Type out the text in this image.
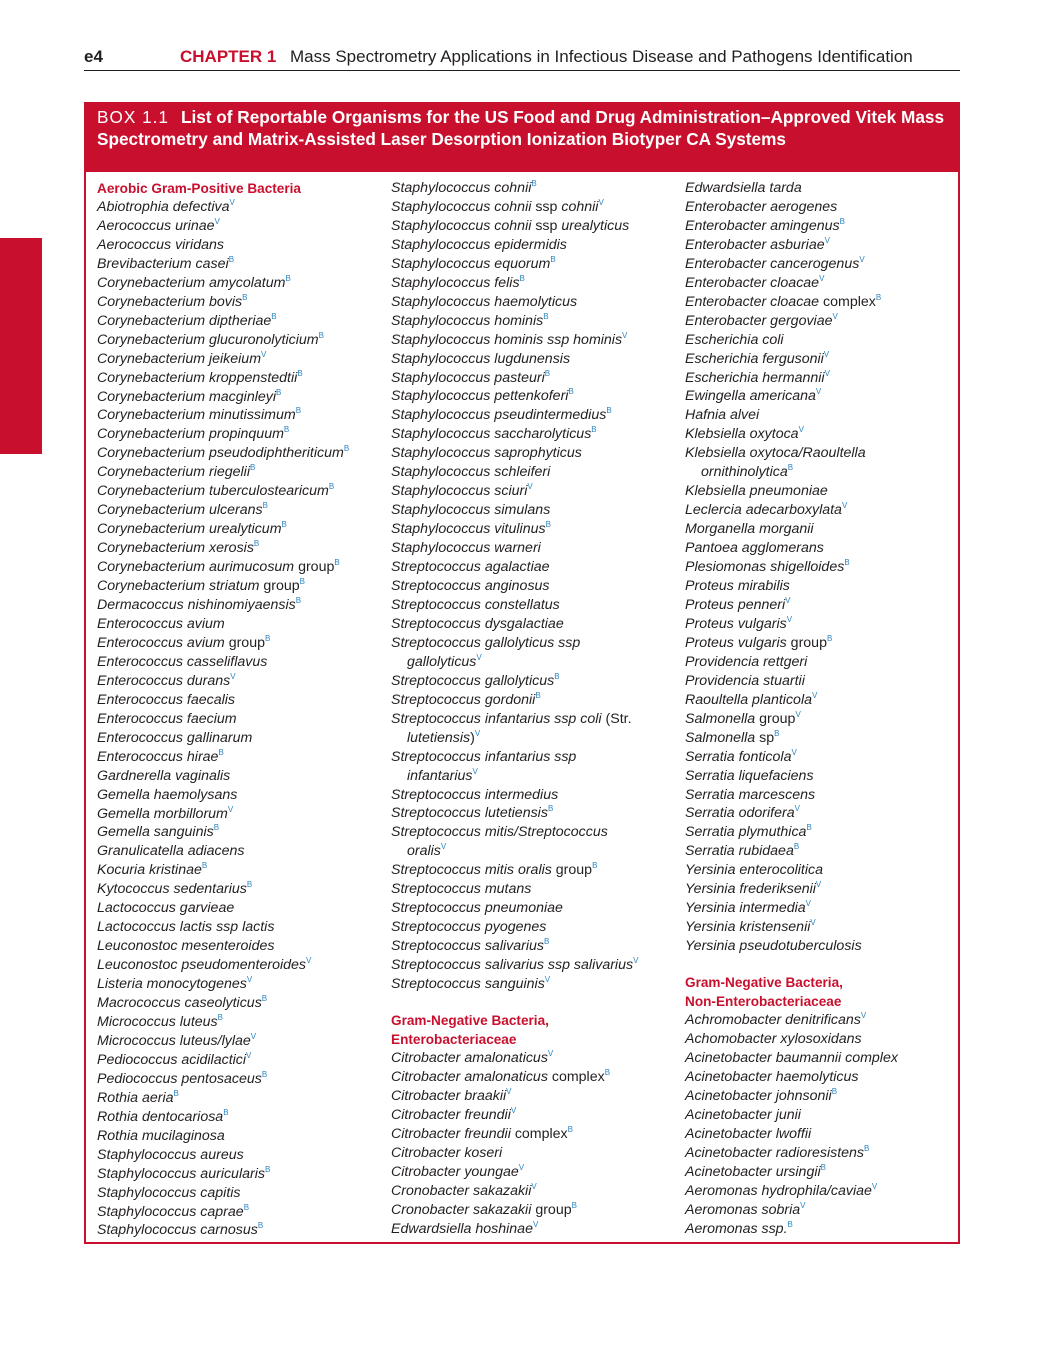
e4	CHAPTER 1 Mass Spectrometry Applications in Infectious Disease and Pathogens Identification
BOX 1.1 List of Reportable Organisms for the US Food and Drug Administration–Approved Vitek Mass Spectrometry and Matrix-Assisted Laser Desorption Ionization Biotyper CA Systems
Aerobic Gram-Positive Bacteria
Abiotrophia defectiva$^V$
Aerococcus urinae$^V$
Aerococcus viridans
Brevibacterium casei$^B$
Corynebacterium amycolatum$^B$
Corynebacterium bovis$^B$
Corynebacterium diptheriae$^B$
Corynebacterium glucuronolyticium$^B$
Corynebacterium jeikeium$^V$
Corynebacterium kroppenstedtii$^B$
Corynebacterium macginleyi$^B$
Corynebacterium minutissimum$^B$
Corynebacterium propinquum$^B$
Corynebacterium pseudodiphtheriticum$^B$
Corynebacterium riegelii$^B$
Corynebacterium tuberculostearicum$^B$
Corynebacterium ulcerans$^B$
Corynebacterium urealyticum$^B$
Corynebacterium xerosis$^B$
Corynebacterium aurimucosum group$^B$
Corynebacterium striatum group$^B$
Dermacoccus nishinomiyaensis$^B$
Enterococcus avium
Enterococcus avium group$^B$
Enterococcus casseliflavus
Enterococcus durans$^V$
Enterococcus faecalis
Enterococcus faecium
Enterococcus gallinarum
Enterococcus hirae$^B$
Gardnerella vaginalis
Gemella haemolysans
Gemella morbillorum$^V$
Gemella sanguinis$^B$
Granulicatella adiacens
Kocuria kristinae$^B$
Kytococcus sedentarius$^B$
Lactococcus garvieae
Lactococcus lactis ssp lactis
Leuconostoc mesenteroides
Leuconostoc pseudomenteroides$^V$
Listeria monocytogenes$^V$
Macrococcus caseolyticus$^B$
Micrococcus luteus$^B$
Micrococcus luteus/lylae$^V$
Pediococcus acidilactici$^V$
Pediococcus pentosaceus$^B$
Rothia aeria$^B$
Rothia dentocariosa$^B$
Rothia mucilaginosa
Staphylococcus aureus
Staphylococcus auricularis$^B$
Staphylococcus capitis
Staphylococcus caprae$^B$
Staphylococcus carnosus$^B$
Staphylococcus cohnii$^B$
Staphylococcus cohnii ssp cohnii$^V$
Staphylococcus cohnii ssp urealyticus
Staphylococcus epidermidis
Staphylococcus equorum$^B$
Staphylococcus felis$^B$
Staphylococcus haemolyticus
Staphylococcus hominis$^B$
Staphylococcus hominis ssp hominis$^V$
Staphylococcus lugdunensis
Staphylococcus pasteuri$^B$
Staphylococcus pettenkoferi$^B$
Staphylococcus pseudintermedius$^B$
Staphylococcus saccharolyticus$^B$
Staphylococcus saprophyticus
Staphylococcus schleiferi
Staphylococcus sciuri$^V$
Staphylococcus simulans
Staphylococcus vitulinus$^B$
Staphylococcus warneri
Streptococcus agalactiae
Streptococcus anginosus
Streptococcus constellatus
Streptococcus dysgalactiae
Streptococcus gallolyticus ssp
gallolyticus$^V$
Streptococcus gallolyticus$^B$
Streptococcus gordonii$^B$
Streptococcus infantarius ssp coli (Str.
lutetiensis)$^V$
Streptococcus infantarius ssp
infantarius$^V$
Streptococcus intermedius
Streptococcus lutetiensis$^B$
Streptococcus mitis/Streptococcus
oralis$^V$
Streptococcus mitis oralis group$^B$
Streptococcus mutans
Streptococcus pneumoniae
Streptococcus pyogenes
Streptococcus salivarius$^B$
Streptococcus salivarius ssp salivarius$^V$
Streptococcus sanguinis$^V$
Gram-Negative Bacteria,
Enterobacteriaceae
Citrobacter amalonaticus$^V$
Citrobacter amalonaticus complex$^B$
Citrobacter braakii$^V$
Citrobacter freundii$^V$
Citrobacter freundii complex$^B$
Citrobacter koseri
Citrobacter youngae$^V$
Cronobacter sakazakii$^V$
Cronobacter sakazakii group$^B$
Edwardsiella hoshinae$^V$
Edwardsiella tarda
Enterobacter aerogenes
Enterobacter amingenus$^B$
Enterobacter asburiae$^V$
Enterobacter cancerogenus$^V$
Enterobacter cloacae$^V$
Enterobacter cloacae complex$^B$
Enterobacter gergoviae$^V$
Escherichia coli
Escherichia fergusonii$^V$
Escherichia hermannii$^V$
Ewingella americana$^V$
Hafnia alvei
Klebsiella oxytoca$^V$
Klebsiella oxytoca/Raoultella
ornithinolytica$^B$
Klebsiella pneumoniae
Leclercia adecarboxylata$^V$
Morganella morganii
Pantoea agglomerans
Plesiomonas shigelloides$^B$
Proteus mirabilis
Proteus penneri$^V$
Proteus vulgaris$^V$
Proteus vulgaris group$^B$
Providencia rettgeri
Providencia stuartii
Raoultella planticola$^V$
Salmonella group$^V$
Salmonella $sp^B$
Serratia fonticola$^V$
Serratia liquefaciens
Serratia marcescens
Serratia odorifera$^V$
Serratia plymuthica$^B$
Serratia rubidaea$^B$
Yersinia enterocolitica
Yersinia frederiksenii$^V$
Yersinia intermedia$^V$
Yersinia kristensenii$^V$
Yersinia pseudotuberculosis
Gram-Negative Bacteria,
Non-Enterobacteriaceae
Achromobacter denitrificans$^V$
Achomobacter xylosoxidans
Acinetobacter baumannii complex
Acinetobacter haemolyticus
Acinetobacter johnsonii$^B$
Acinetobacter junii
Acinetobacter lwoffii
Acinetobacter radioresistens$^B$
Acinetobacter ursingii$^B$
Aeromonas hydrophila/caviae$^V$
Aeromonas sobria$^V$
Aeromonas ssp.$^B$
